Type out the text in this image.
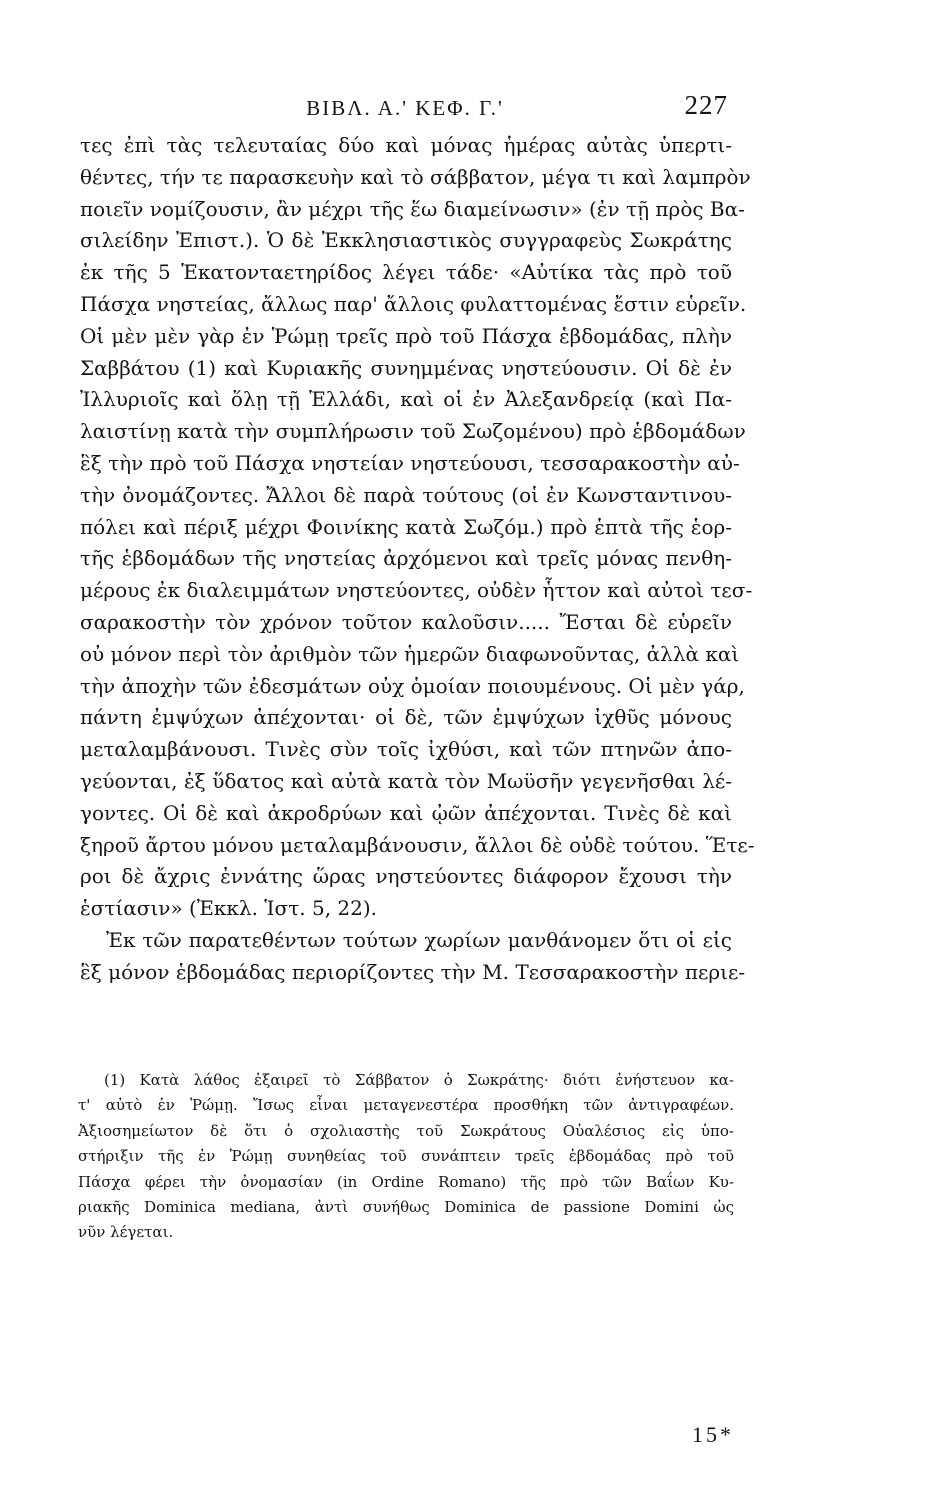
ΒΙΒΛ. Α.' ΚΕΦ. Γ.'	227
τες ἐπὶ τὰς τελευταίας δύο καὶ μόνας ἡμέρας αὐτὰς ὑπερτι-
θέντες, τήν τε παρασκευὴν καὶ τὸ σάββατον, μέγα τι καὶ λαμπρὸν
ποιεῖν νομίζουσιν, ἂν μέχρι τῆς ἕω διαμείνωσιν» (ἐν τῇ πρὸς Βα-
σιλείδην Ἐπιστ.). Ὁ δὲ Ἐκκλησιαστικὸς συγγραφεὺς Σωκράτης
ἐκ τῆς 5 Ἑκατονταετηρίδος λέγει τάδε· «Αὐτίκα τὰς πρὸ τοῦ
Πάσχα νηστείας, ἄλλως παρ' ἄλλοις φυλαττομένας ἔστιν εὑρεῖν.
Οἱ μὲν μὲν γὰρ ἐν Ῥώμῃ τρεῖς πρὸ τοῦ Πάσχα ἑβδομάδας, πλὴν
Σαββάτου (1) καὶ Κυριακῆς συνημμένας νηστεύουσιν. Οἱ δὲ ἐν
Ἰλλυριοῖς καὶ ὅλῃ τῇ Ἑλλάδι, καὶ οἱ ἐν Ἀλεξανδρείᾳ (καὶ Πα-
λαιστίνῃ κατὰ τὴν συμπλήρωσιν τοῦ Σωζομένου) πρὸ ἑβδομάδων
ἓξ τὴν πρὸ τοῦ Πάσχα νηστείαν νηστεύουσι, τεσσαρακοστὴν αὐ-
τὴν ὀνομάζοντες. Ἄλλοι δὲ παρὰ τούτους (οἱ ἐν Κωνσταντινου-
πόλει καὶ πέριξ μέχρι Φοινίκης κατὰ Σωζόμ.) πρὸ ἑπτὰ τῆς ἑορ-
τῆς ἑβδομάδων τῆς νηστείας ἀρχόμενοι καὶ τρεῖς μόνας πενθη-
μέρους ἐκ διαλειμμάτων νηστεύοντες, οὐδὲν ἧττον καὶ αὐτοὶ τεσ-
σαρακοστὴν τὸν χρόνον τοῦτον καλοῦσιν..... Ἔσται δὲ εὑρεῖν
οὐ μόνον περὶ τὸν ἀριθμὸν τῶν ἡμερῶν διαφωνοῦντας, ἀλλὰ καὶ
τὴν ἀποχὴν τῶν ἐδεσμάτων οὐχ ὁμοίαν ποιουμένους. Οἱ μὲν γάρ,
πάντη ἐμψύχων ἀπέχονται· οἱ δὲ, τῶν ἐμψύχων ἰχθῦς μόνους
μεταλαμβάνουσι. Τινὲς σὺν τοῖς ἰχθύσι, καὶ τῶν πτηνῶν ἀπο-
γεύονται, ἐξ ὕδατος καὶ αὐτὰ κατὰ τὸν Μωϋσῆν γεγενῆσθαι λέ-
γοντες. Οἱ δὲ καὶ ἀκροδρύων καὶ ᾠῶν ἀπέχονται. Τινὲς δὲ καὶ
ξηροῦ ἄρτου μόνου μεταλαμβάνουσιν, ἄλλοι δὲ οὐδὲ τούτου. Ἕτε-
ροι δὲ ἄχρις ἐννάτης ὥρας νηστεύοντες διάφορον ἔχουσι τὴν
ἑστίασιν» (Ἐκκλ. Ἱστ. 5, 22).
Ἐκ τῶν παρατεθέντων τούτων χωρίων μανθάνομεν ὅτι οἱ εἰς
ἓξ μόνον ἑβδομάδας περιορίζοντες τὴν Μ. Τεσσαρακοστὴν περιε-
(1) Κατὰ λάθος ἐξαιρεῖ τὸ Σάββατον ὁ Σωκράτης· διότι ἐνήστευον κα-
τ' αὐτὸ ἐν Ῥώμῃ. Ἴσως εἶναι μεταγενεστέρα προσθήκη τῶν ἀντιγραφέων.
Ἀξιοσημείωτον δὲ ὅτι ὁ σχολιαστὴς τοῦ Σωκράτους Οὐαλέσιος εἰς ὑπο-
στήριξιν τῆς ἐν Ῥώμῃ συνηθείας τοῦ συνάπτειν τρεῖς ἑβδομάδας πρὸ τοῦ
Πάσχα φέρει τὴν ὀνομασίαν (in Ordine Romano) τῆς πρὸ τῶν Βαΐων Κυ-
ριακῆς Dominica mediana, ἀντὶ συνήθως Dominica de passione Domini ὡς
νῦν λέγεται.
15*
